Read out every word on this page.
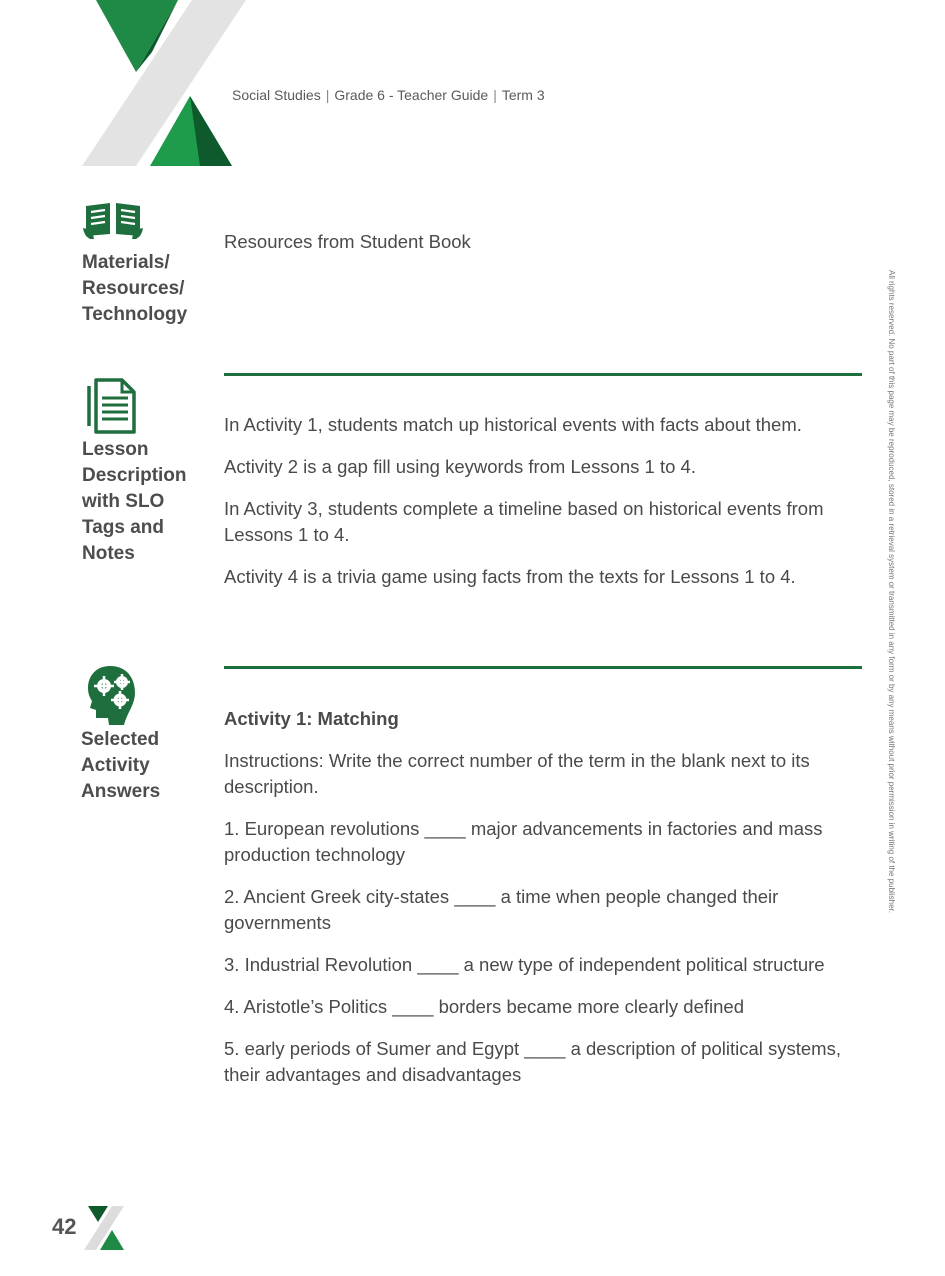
Social Studies | Grade 6 - Teacher Guide | Term 3
Materials/
Resources/
Technology

Resources from Student Book

Lesson
Description
with SLO
Tags and
Notes

In Activity 1, students match up historical events with facts about them.

Activity 2 is a gap fill using keywords from Lessons 1 to 4.

In Activity 3, students complete a timeline based on historical events from Lessons 1 to 4.

Activity 4 is a trivia game using facts from the texts for Lessons 1 to 4.

Selected
Activity
Answers

Activity 1: Matching

Instructions: Write the correct number of the term in the blank next to its description.

1. European revolutions ____ major advancements in factories and mass production technology

2. Ancient Greek city-states ____ a time when people changed their governments

3. Industrial Revolution ____ a new type of independent political structure

4. Aristotle’s Politics ____ borders became more clearly defined

5. early periods of Sumer and Egypt ____ a description of political systems, their advantages and disadvantages

All rights reserved. No part of this page may be reproduced, stored in a retrieval system or transmitted in any form or by any means without prior permission in writing of the publisher.
42
